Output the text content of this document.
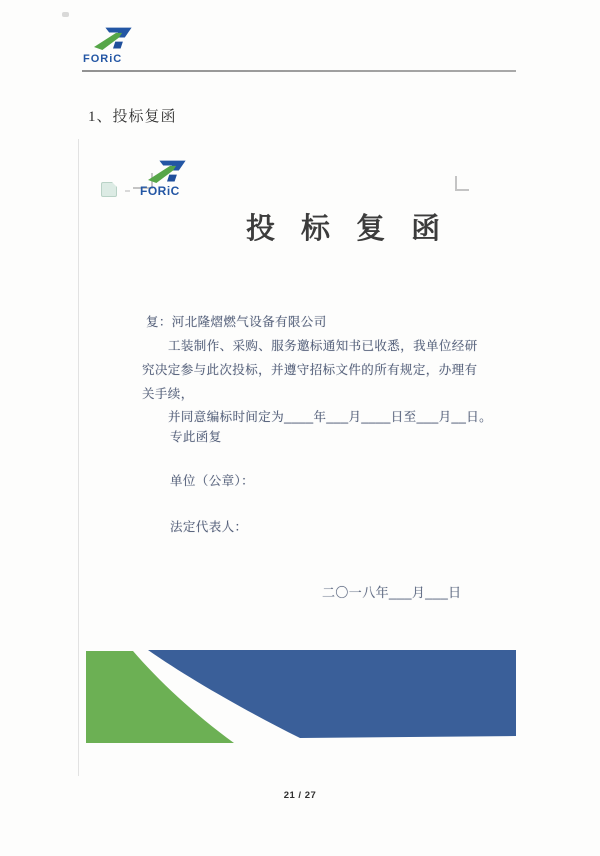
FORiC
1、投标复函
FORiC
投 标 复 函
复：河北隆熠燃气设备有限公司
工装制作、采购、服务邀标通知书已收悉，我单位经研
究决定参与此次投标，并遵守招标文件的所有规定，办理有
关手续，
并同意编标时间定为____年___月____日至___月__日。
专此函复
单位（公章）：
法定代表人：
二〇一八年___月___日
21 / 27
